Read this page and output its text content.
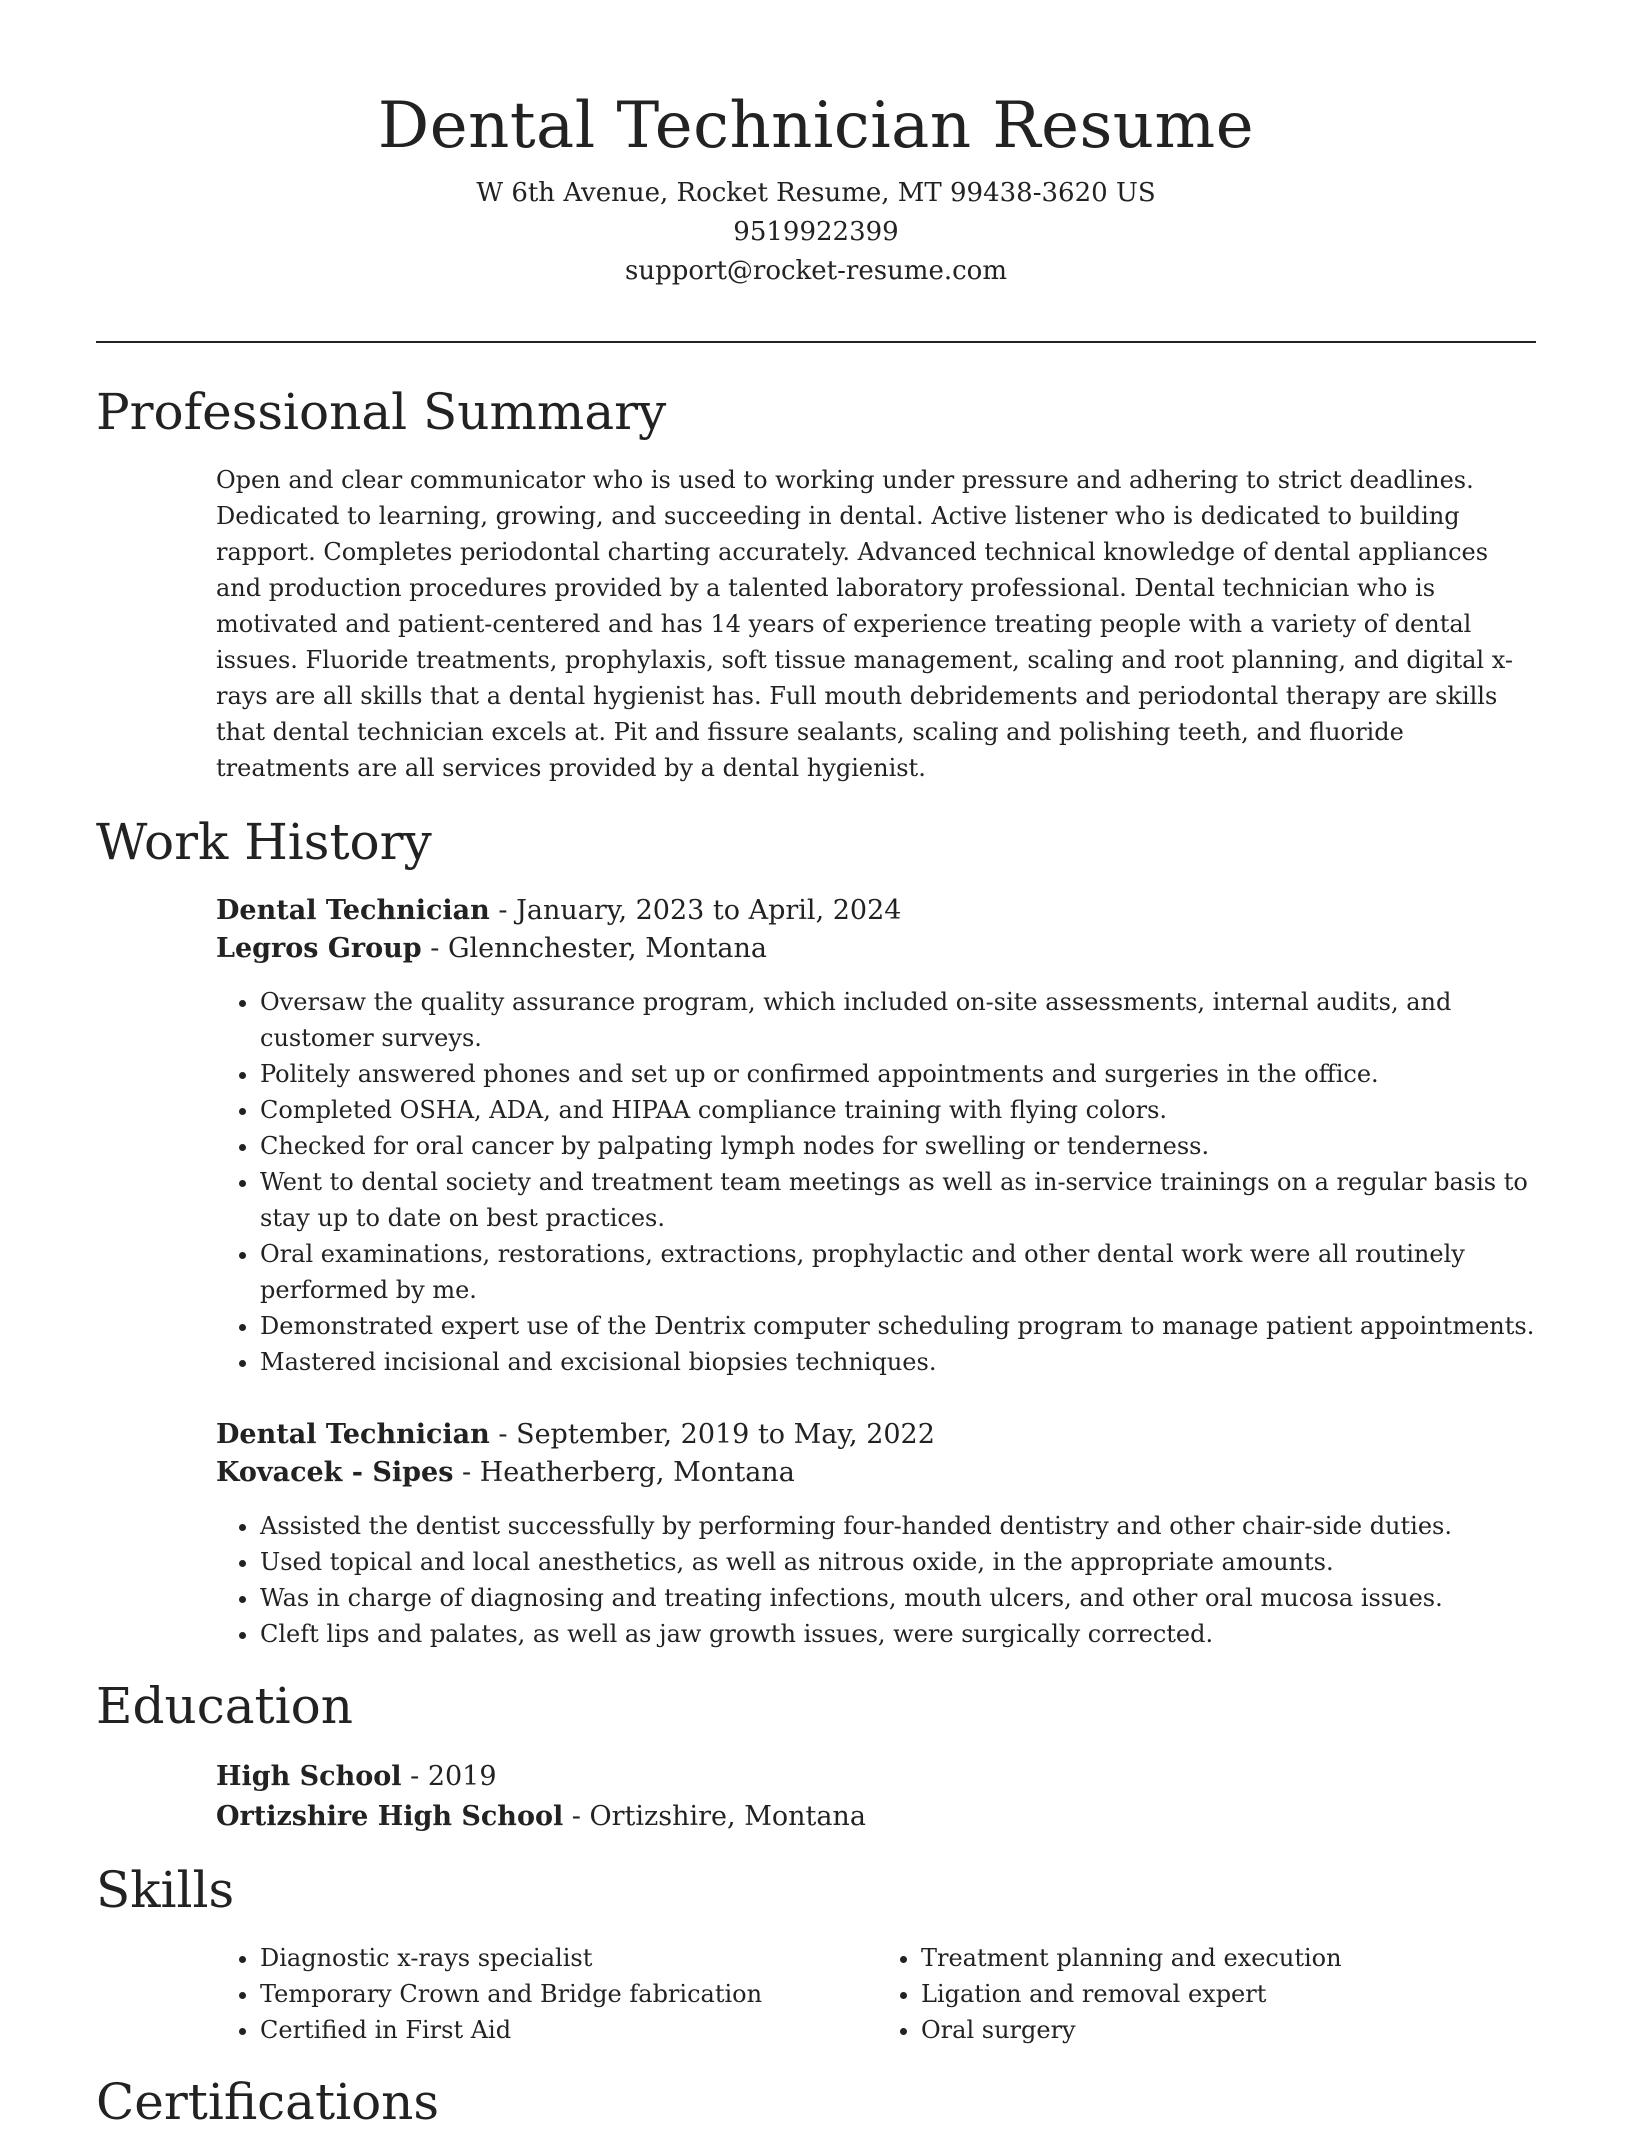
Dental Technician Resume
W 6th Avenue, Rocket Resume, MT 99438-3620 US
9519922399
support@rocket-resume.com
Professional Summary
Open and clear communicator who is used to working under pressure and adhering to strict deadlines. Dedicated to learning, growing, and succeeding in dental. Active listener who is dedicated to building rapport. Completes periodontal charting accurately. Advanced technical knowledge of dental appliances and production procedures provided by a talented laboratory professional. Dental technician who is motivated and patient-centered and has 14 years of experience treating people with a variety of dental issues. Fluoride treatments, prophylaxis, soft tissue management, scaling and root planning, and digital x-rays are all skills that a dental hygienist has. Full mouth debridements and periodontal therapy are skills that dental technician excels at. Pit and fissure sealants, scaling and polishing teeth, and fluoride treatments are all services provided by a dental hygienist.
Work History
Dental Technician - January, 2023 to April, 2024
Legros Group - Glennchester, Montana
• Oversaw the quality assurance program, which included on-site assessments, internal audits, and customer surveys.
• Politely answered phones and set up or confirmed appointments and surgeries in the office.
• Completed OSHA, ADA, and HIPAA compliance training with flying colors.
• Checked for oral cancer by palpating lymph nodes for swelling or tenderness.
• Went to dental society and treatment team meetings as well as in-service trainings on a regular basis to stay up to date on best practices.
• Oral examinations, restorations, extractions, prophylactic and other dental work were all routinely performed by me.
• Demonstrated expert use of the Dentrix computer scheduling program to manage patient appointments.
• Mastered incisional and excisional biopsies techniques.
Dental Technician - September, 2019 to May, 2022
Kovacek - Sipes - Heatherberg, Montana
• Assisted the dentist successfully by performing four-handed dentistry and other chair-side duties.
• Used topical and local anesthetics, as well as nitrous oxide, in the appropriate amounts.
• Was in charge of diagnosing and treating infections, mouth ulcers, and other oral mucosa issues.
• Cleft lips and palates, as well as jaw growth issues, were surgically corrected.
Education
High School - 2019
Ortizshire High School - Ortizshire, Montana
Skills
• Diagnostic x-rays specialist
• Temporary Crown and Bridge fabrication
• Certified in First Aid
• Treatment planning and execution
• Ligation and removal expert
• Oral surgery
Certifications
